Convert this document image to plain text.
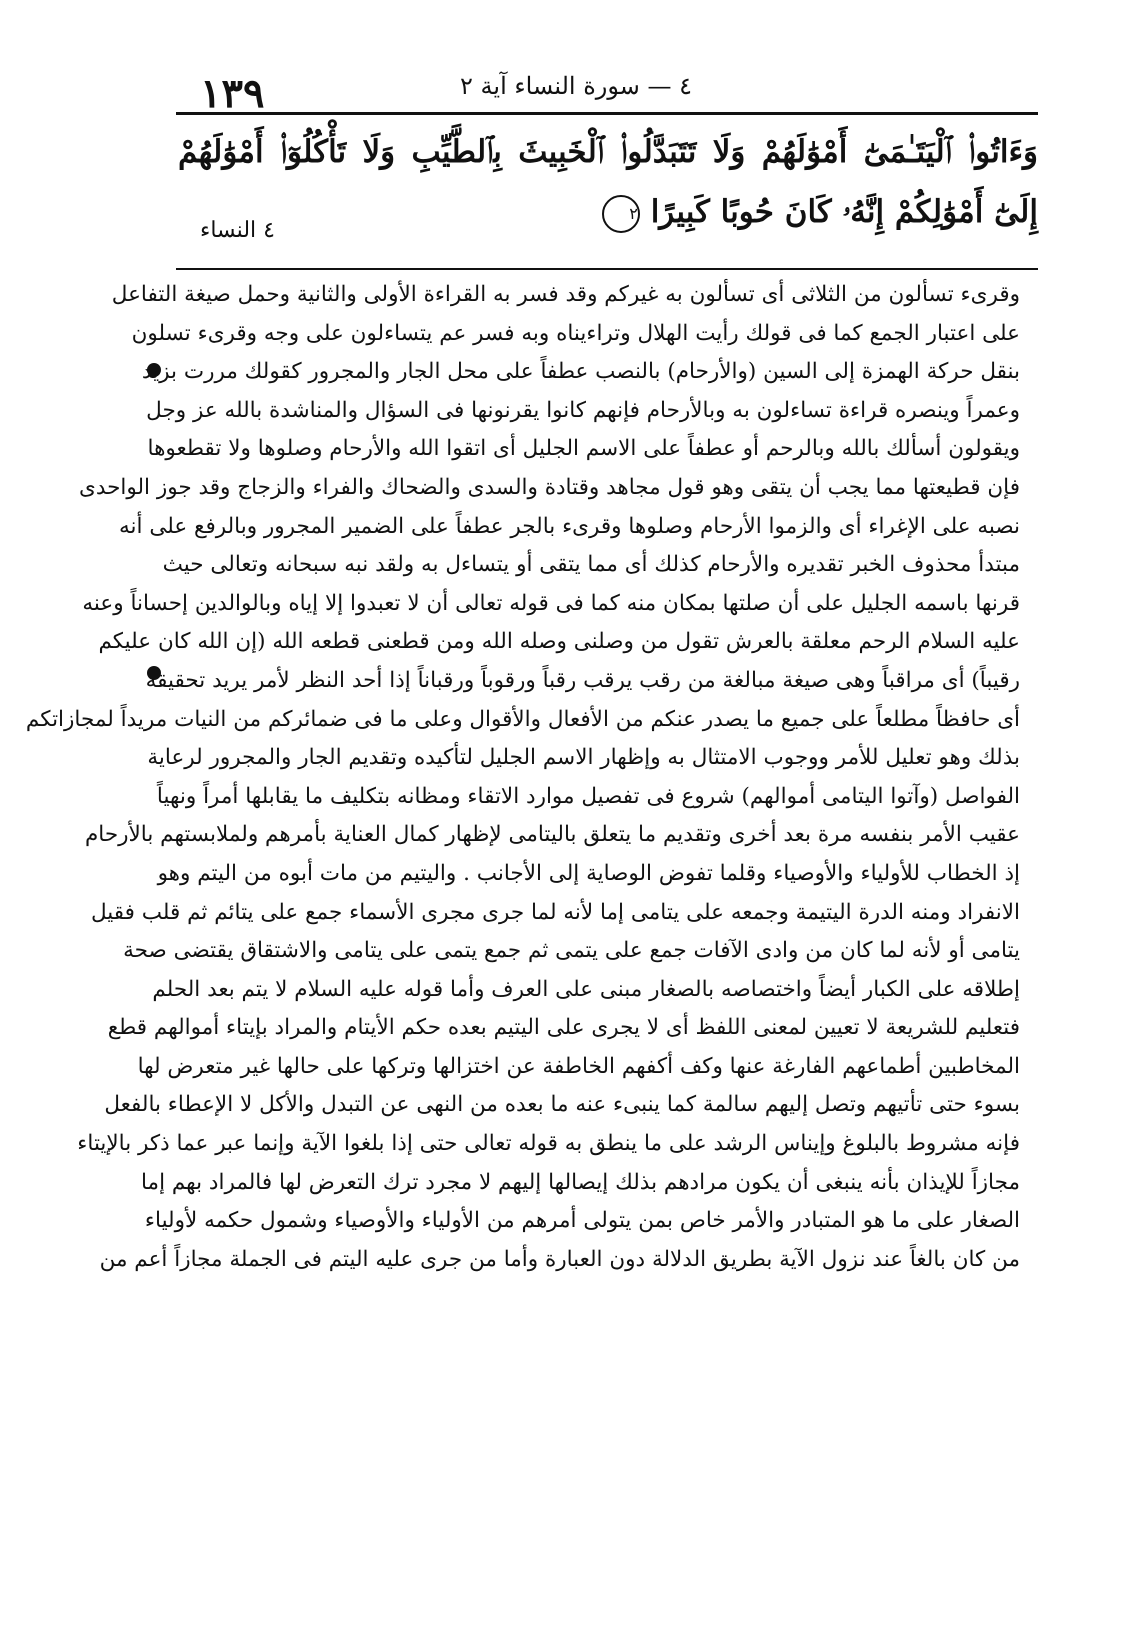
١٣٩	٤ — سورة النساء آية ٢
وَءَاتُوا۟ ٱلْيَتَـٰمَىٰٓ أَمْوَٰلَهُمْ وَلَا تَتَبَدَّلُوا۟ ٱلْخَبِيثَ بِٱلطَّيِّبِ وَلَا تَأْكُلُوٓا۟ أَمْوَٰلَهُمْ إِلَىٰٓ أَمْوَٰلِكُمْ إِنَّهُۥ كَانَ حُوبًا كَبِيرًا ٢
٤ النساء
وقرىء تسألون من الثلاثى أى تسألون به غيركم وقد فسر به القراءة الأولى والثانية وحمل صيغة التفاعل
على اعتبار الجمع كما فى قولك رأيت الهلال وتراءيناه وبه فسر عم يتساءلون على وجه وقرىء تسلون
بنقل حركة الهمزة إلى السين (والأرحام) بالنصب عطفاً على محل الجار والمجرور كقولك مررت بزيد
وعمراً وينصره قراءة تساءلون به وبالأرحام فإنهم كانوا يقرنونها فى السؤال والمناشدة بالله عز وجل
ويقولون أسألك بالله وبالرحم أو عطفاً على الاسم الجليل أى اتقوا الله والأرحام وصلوها ولا تقطعوها
فإن قطيعتها مما يجب أن يتقى وهو قول مجاهد وقتادة والسدى والضحاك والفراء والزجاج وقد جوز الواحدى
نصبه على الإغراء أى والزموا الأرحام وصلوها وقرىء بالجر عطفاً على الضمير المجرور وبالرفع على أنه
مبتدأ محذوف الخبر تقديره والأرحام كذلك أى مما يتقى أو يتساءل به ولقد نبه سبحانه وتعالى حيث
قرنها باسمه الجليل على أن صلتها بمكان منه كما فى قوله تعالى أن لا تعبدوا إلا إياه وبالوالدين إحساناً وعنه
عليه السلام الرحم معلقة بالعرش تقول من وصلنى وصله الله ومن قطعنى قطعه الله (إن الله كان عليكم
رقيباً) أى مراقباً وهى صيغة مبالغة من رقب يرقب رقباً ورقوباً ورقباناً إذا أحد النظر لأمر يريد تحقيقه
أى حافظاً مطلعاً على جميع ما يصدر عنكم من الأفعال والأقوال وعلى ما فى ضمائركم من النيات مريداً لمجازاتكم
بذلك وهو تعليل للأمر ووجوب الامتثال به وإظهار الاسم الجليل لتأكيده وتقديم الجار والمجرور لرعاية
الفواصل (وآتوا اليتامى أموالهم) شروع فى تفصيل موارد الاتقاء ومظانه بتكليف ما يقابلها أمراً ونهياً
عقيب الأمر بنفسه مرة بعد أخرى وتقديم ما يتعلق باليتامى لإظهار كمال العناية بأمرهم ولملابستهم بالأرحام
إذ الخطاب للأولياء والأوصياء وقلما تفوض الوصاية إلى الأجانب . واليتيم من مات أبوه من اليتم وهو
الانفراد ومنه الدرة اليتيمة وجمعه على يتامى إما لأنه لما جرى مجرى الأسماء جمع على يتائم ثم قلب فقيل
يتامى أو لأنه لما كان من وادى الآفات جمع على يتمى ثم جمع يتمى على يتامى والاشتقاق يقتضى صحة
إطلاقه على الكبار أيضاً واختصاصه بالصغار مبنى على العرف وأما قوله عليه السلام لا يتم بعد الحلم
فتعليم للشريعة لا تعيين لمعنى اللفظ أى لا يجرى على اليتيم بعده حكم الأيتام والمراد بإيتاء أموالهم قطع
المخاطبين أطماعهم الفارغة عنها وكف أكفهم الخاطفة عن اختزالها وتركها على حالها غير متعرض لها
بسوء حتى تأتيهم وتصل إليهم سالمة كما ينبىء عنه ما بعده من النهى عن التبدل والأكل لا الإعطاء بالفعل
فإنه مشروط بالبلوغ وإيناس الرشد على ما ينطق به قوله تعالى حتى إذا بلغوا الآية وإنما عبر عما ذكر بالإيتاء
مجازاً للإيذان بأنه ينبغى أن يكون مرادهم بذلك إيصالها إليهم لا مجرد ترك التعرض لها فالمراد بهم إما
الصغار على ما هو المتبادر والأمر خاص بمن يتولى أمرهم من الأولياء والأوصياء وشمول حكمه لأولياء
من كان بالغاً عند نزول الآية بطريق الدلالة دون العبارة وأما من جرى عليه اليتم فى الجملة مجازاً أعم من
